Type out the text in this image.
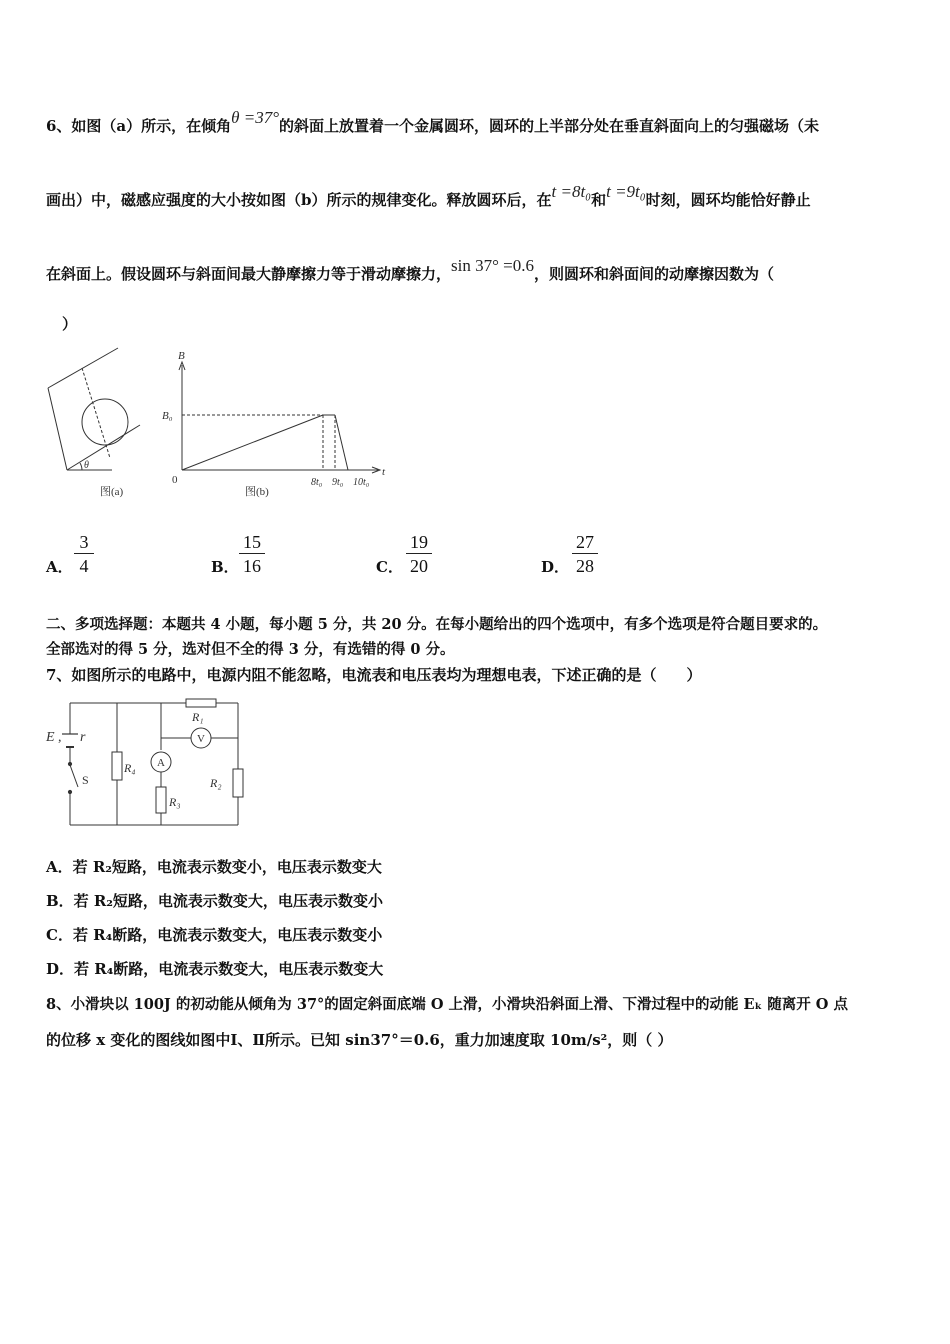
6、如图（a）所示，在倾角θ =37°的斜面上放置着一个金属圆环，圆环的上半部分处在垂直斜面向上的匀强磁场（未
画出）中，磁感应强度的大小按如图（b）所示的规律变化。释放圆环后，在t =8t₀和t =9t₀时刻，圆环均能恰好静止
在斜面上。假设圆环与斜面间最大静摩擦力等于滑动摩擦力，sin 37° =0.6，则圆环和斜面间的动摩擦因数为（
）
θ
图(a)
B
B₀
0
t
8t₀ 9t₀ 10t₀
图(b)
A． $\frac{3}{4}$	B． $\frac{15}{16}$	C． $\frac{19}{20}$	D． $\frac{27}{28}$
二、多项选择题：本题共 4 小题，每小题 5 分，共 20 分。在每小题给出的四个选项中，有多个选项是符合题目要求的。
全部选对的得 5 分，选对但不全的得 3 分，有选错的得 0 分。
7、如图所示的电路中，电源内阻不能忽略，电流表和电压表均为理想电表，下述正确的是（　　）
E , r
S
R₄
R₁
R₂
R₃
A
V
A．若 R₂短路，电流表示数变小，电压表示数变大
B．若 R₂短路，电流表示数变大，电压表示数变小
C．若 R₄断路，电流表示数变大，电压表示数变小
D．若 R₄断路，电流表示数变大，电压表示数变大
8、小滑块以 100J 的初动能从倾角为 37°的固定斜面底端 O 上滑，小滑块沿斜面上滑、下滑过程中的动能 Eₖ 随离开 O 点
的位移 x 变化的图线如图中Ⅰ、Ⅱ所示。已知 sin37°＝0.6，重力加速度取 10m/s²，则（ ）
